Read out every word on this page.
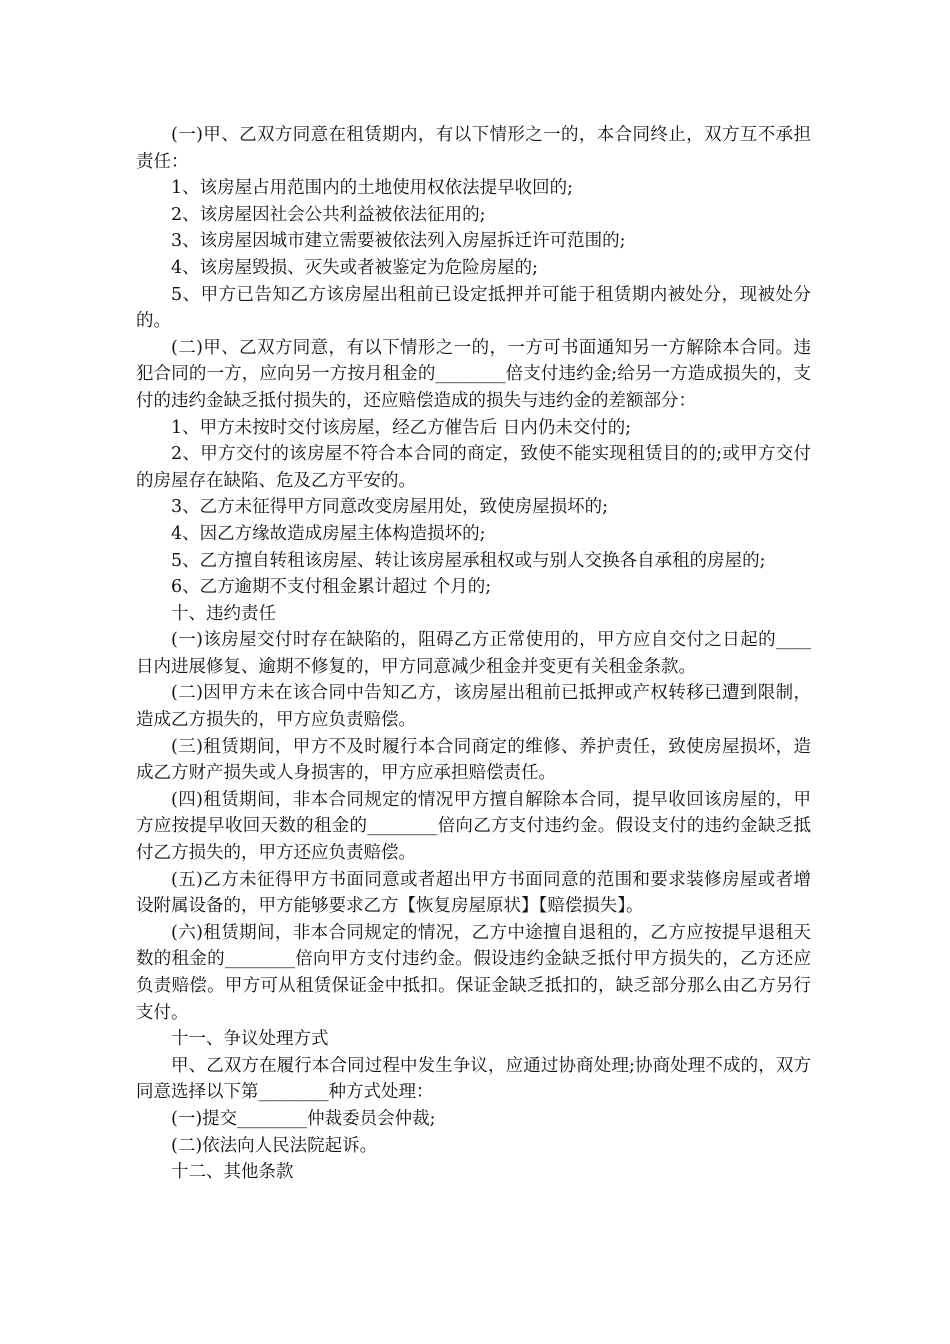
(一)甲、乙双方同意在租赁期内，有以下情形之一的，本合同终止，双方互不承担责任：

1、该房屋占用范围内的土地使用权依法提早收回的;

2、该房屋因社会公共利益被依法征用的;

3、该房屋因城市建立需要被依法列入房屋拆迁许可范围的;

4、该房屋毁损、灭失或者被鉴定为危险房屋的;

5、甲方已告知乙方该房屋出租前已设定抵押并可能于租赁期内被处分，现被处分的。

(二)甲、乙双方同意，有以下情形之一的，一方可书面通知另一方解除本合同。违犯合同的一方，应向另一方按月租金的________倍支付违约金;给另一方造成损失的，支付的违约金缺乏抵付损失的，还应赔偿造成的损失与违约金的差额部分：

1、甲方未按时交付该房屋，经乙方催告后 日内仍未交付的;

2、甲方交付的该房屋不符合本合同的商定，致使不能实现租赁目的的;或甲方交付的房屋存在缺陷、危及乙方平安的。

3、乙方未征得甲方同意改变房屋用处，致使房屋损坏的;

4、因乙方缘故造成房屋主体构造损坏的;

5、乙方擅自转租该房屋、转让该房屋承租权或与别人交换各自承租的房屋的;

6、乙方逾期不支付租金累计超过 个月的;

十、违约责任

(一)该房屋交付时存在缺陷的，阻碍乙方正常使用的，甲方应自交付之日起的____日内进展修复、逾期不修复的，甲方同意减少租金并变更有关租金条款。

(二)因甲方未在该合同中告知乙方，该房屋出租前已抵押或产权转移已遭到限制，造成乙方损失的，甲方应负责赔偿。

(三)租赁期间，甲方不及时履行本合同商定的维修、养护责任，致使房屋损坏，造成乙方财产损失或人身损害的，甲方应承担赔偿责任。

(四)租赁期间，非本合同规定的情况甲方擅自解除本合同，提早收回该房屋的，甲方应按提早收回天数的租金的________倍向乙方支付违约金。假设支付的违约金缺乏抵付乙方损失的，甲方还应负责赔偿。

(五)乙方未征得甲方书面同意或者超出甲方书面同意的范围和要求装修房屋或者增设附属设备的，甲方能够要求乙方【恢复房屋原状】【赔偿损失】。

(六)租赁期间，非本合同规定的情况，乙方中途擅自退租的，乙方应按提早退租天数的租金的________倍向甲方支付违约金。假设违约金缺乏抵付甲方损失的，乙方还应负责赔偿。甲方可从租赁保证金中抵扣。保证金缺乏抵扣的，缺乏部分那么由乙方另行支付。

十一、争议处理方式

甲、乙双方在履行本合同过程中发生争议，应通过协商处理;协商处理不成的，双方同意选择以下第________种方式处理：

(一)提交________仲裁委员会仲裁;

(二)依法向人民法院起诉。

十二、其他条款
